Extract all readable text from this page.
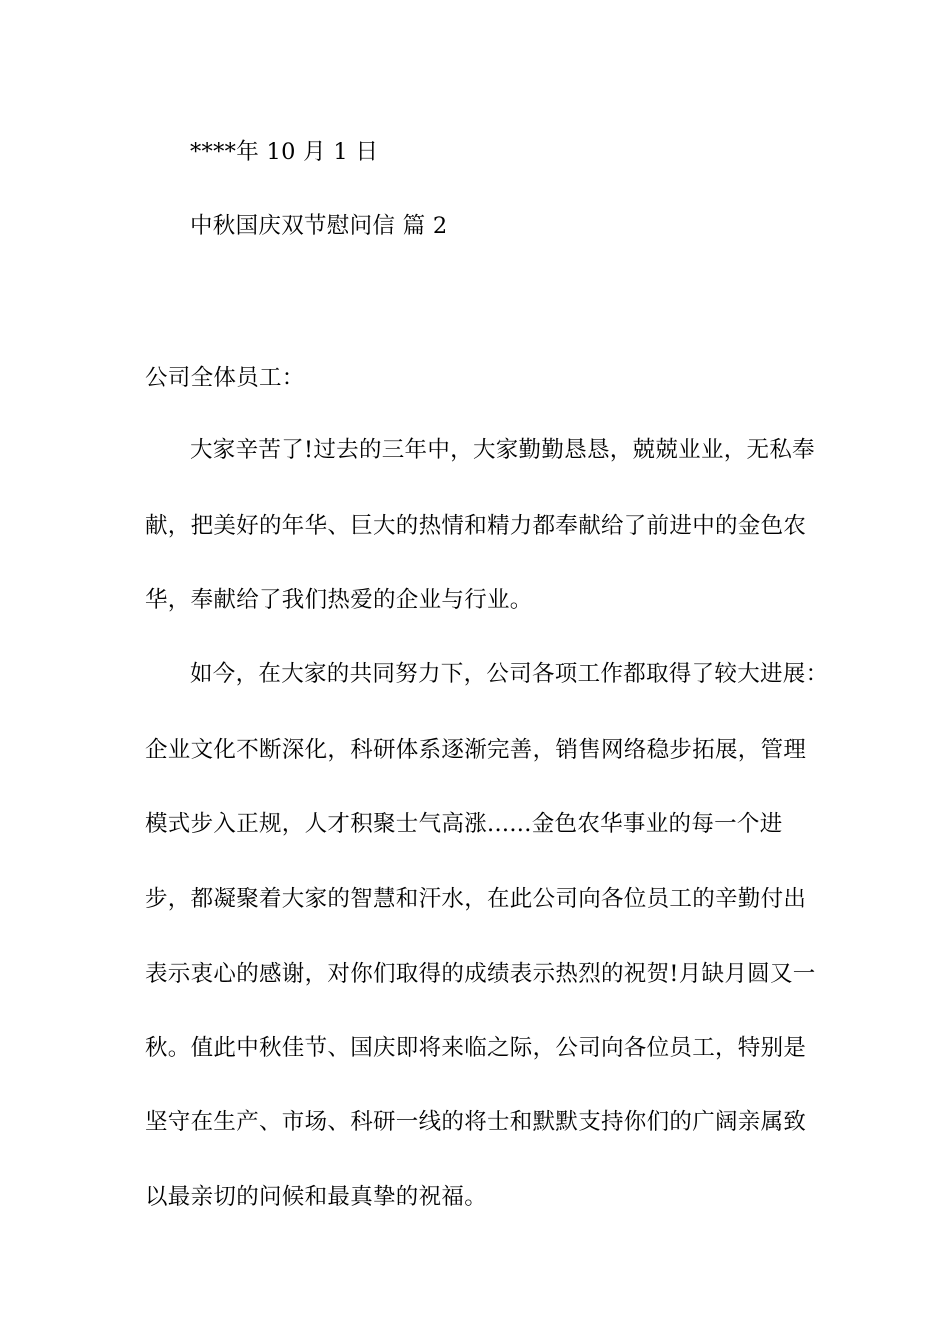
****年 10 月 1 日
中秋国庆双节慰问信 篇 2
公司全体员工：
大家辛苦了!过去的三年中，大家勤勤恳恳，兢兢业业，无私奉
献，把美好的年华、巨大的热情和精力都奉献给了前进中的金色农
华，奉献给了我们热爱的企业与行业。
如今，在大家的共同努力下，公司各项工作都取得了较大进展：
企业文化不断深化，科研体系逐渐完善，销售网络稳步拓展，管理
模式步入正规，人才积聚士气高涨......金色农华事业的每一个进
步，都凝聚着大家的智慧和汗水，在此公司向各位员工的辛勤付出
表示衷心的感谢，对你们取得的成绩表示热烈的祝贺!月缺月圆又一
秋。值此中秋佳节、国庆即将来临之际，公司向各位员工，特别是
坚守在生产、市场、科研一线的将士和默默支持你们的广阔亲属致
以最亲切的问候和最真挚的祝福。
